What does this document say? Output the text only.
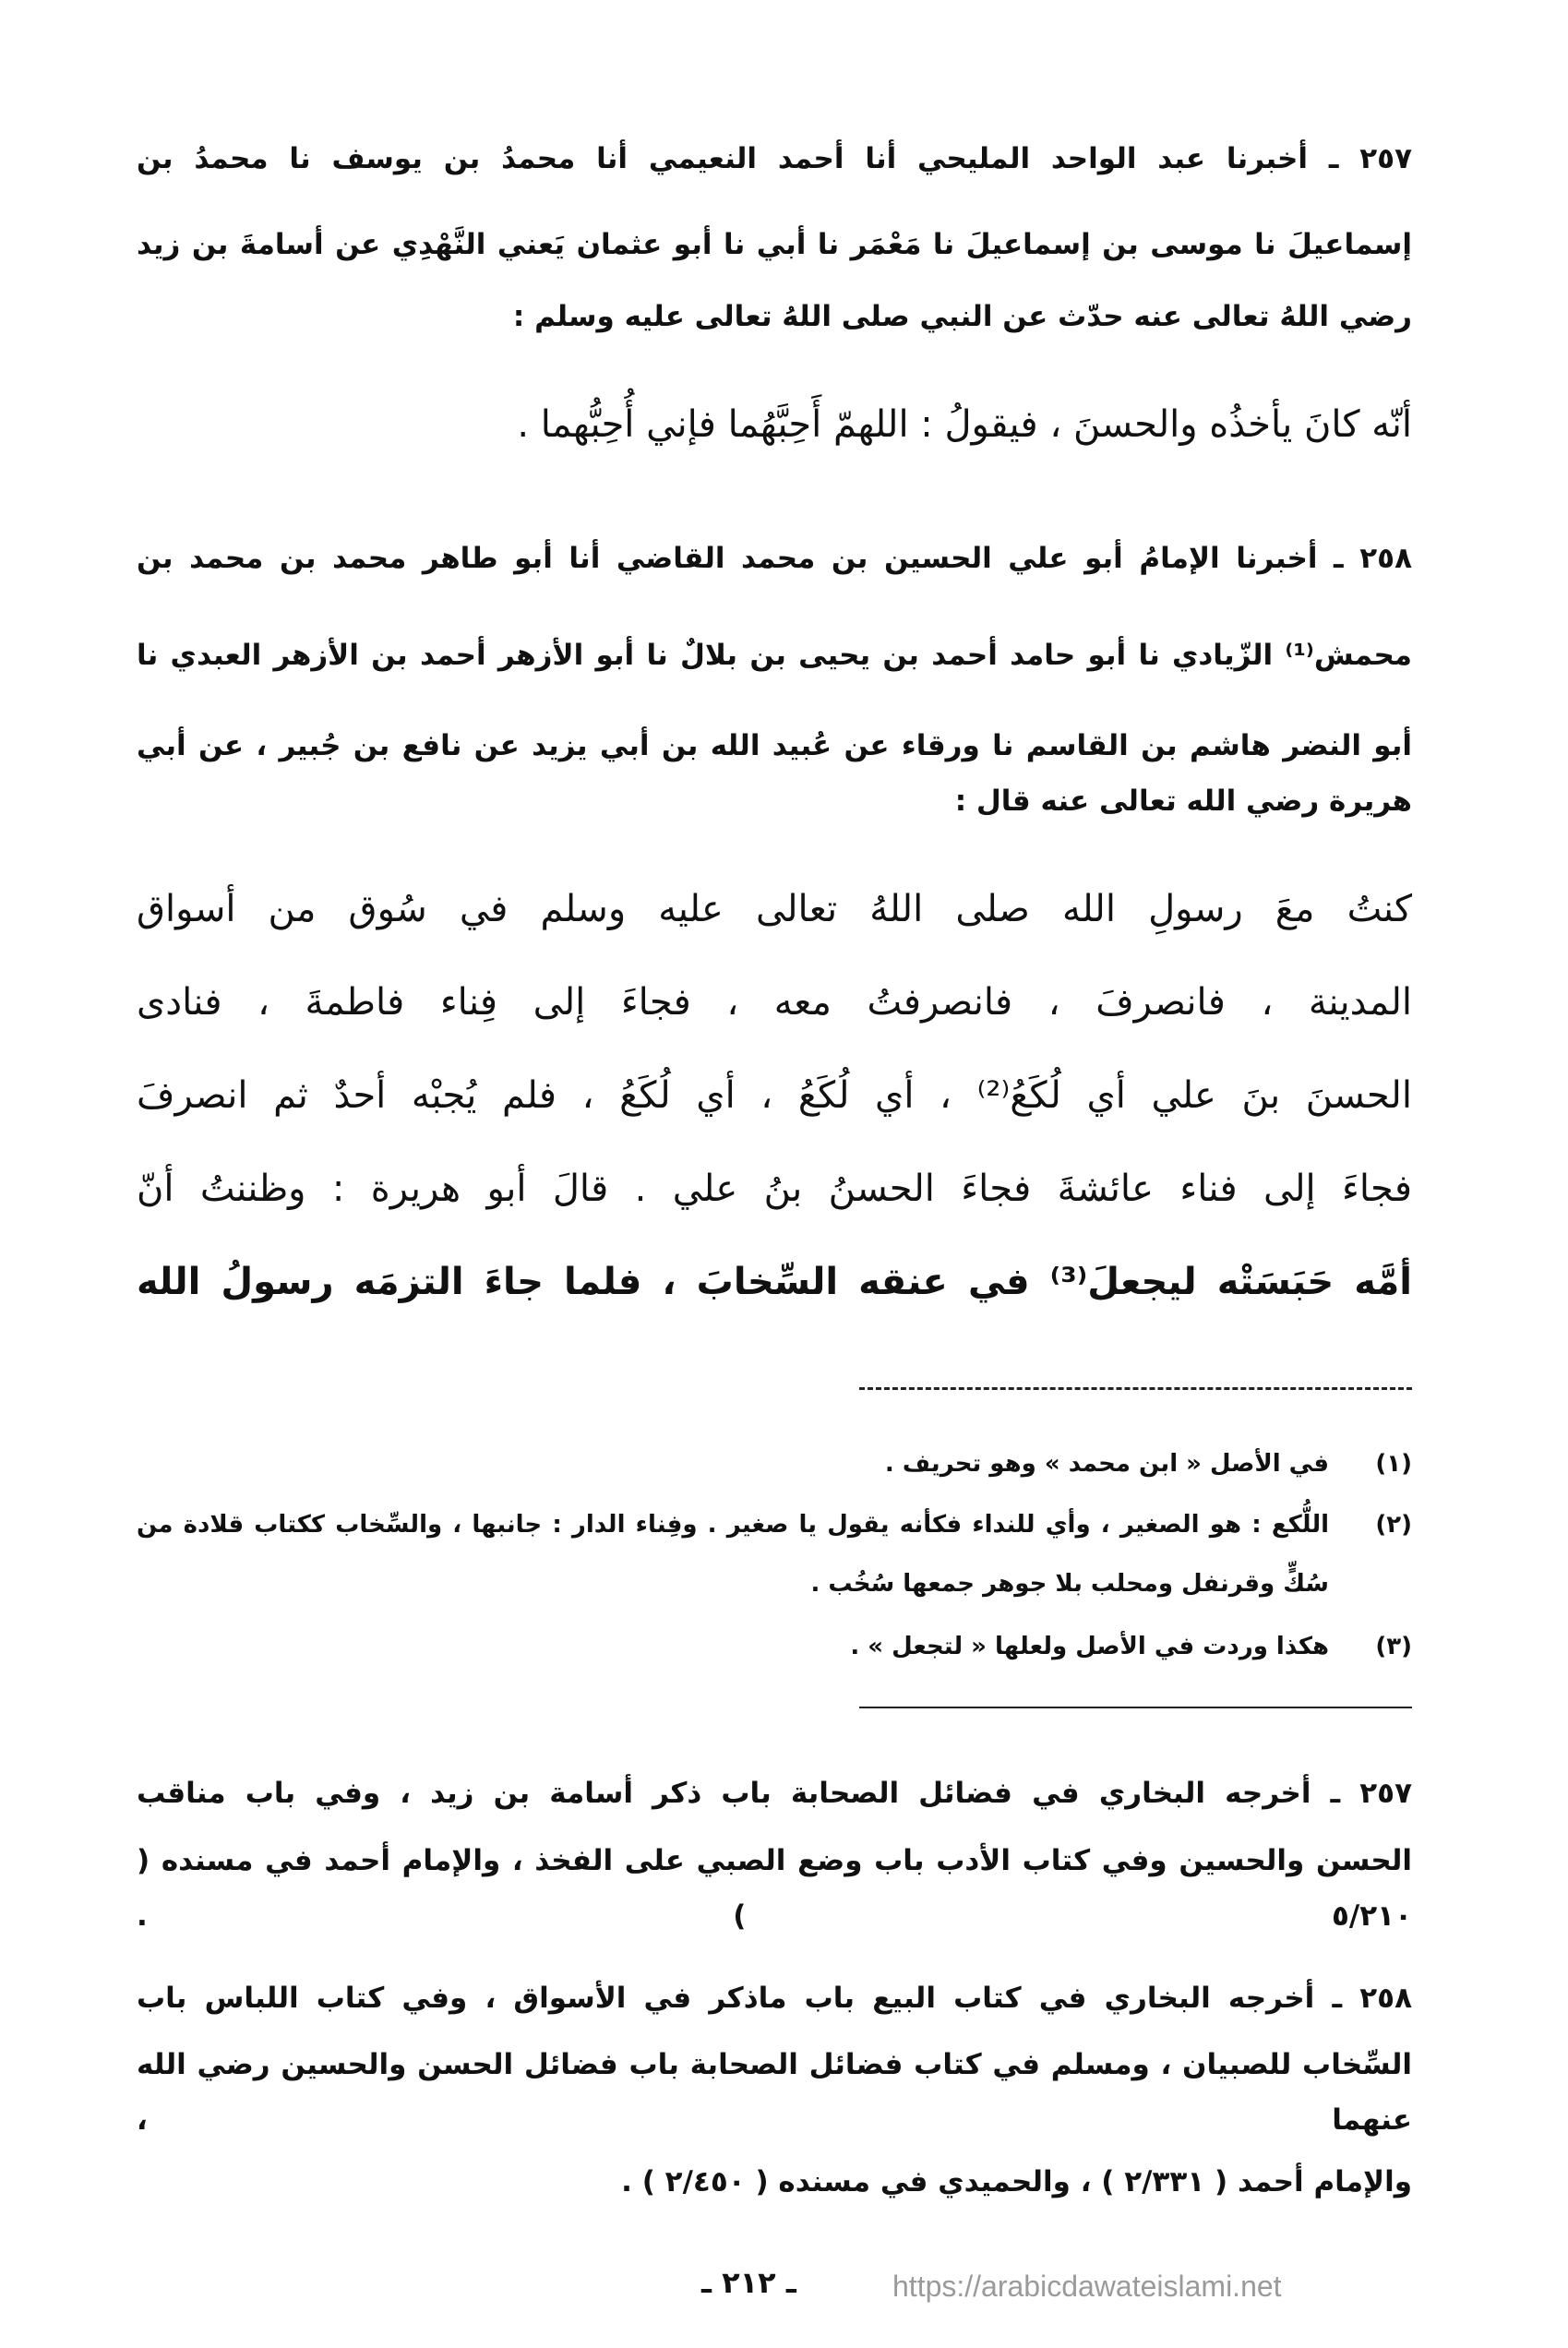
٢٥٧ ـ أخبرنا عبد الواحد المليحي أنا أحمد النعيمي أنا محمدُ بن يوسف نا محمدُ بن
إسماعيلَ نا موسى بن إسماعيلَ نا مَعْمَر نا أبي نا أبو عثمان يَعني النَّهْدِي عن أسامةَ بن زيد
رضي اللهُ تعالى عنه حدّث عن النبي صلى اللهُ تعالى عليه وسلم :
أنّه كانَ يأخذُه والحسنَ ، فيقولُ : اللهمّ أَحِبَّهُما فإني أُحِبُّهما .
٢٥٨ ـ أخبرنا الإمامُ أبو علي الحسين بن محمد القاضي أنا أبو طاهر محمد بن محمد بن
محمش⁽¹⁾ الزّيادي نا أبو حامد أحمد بن يحيى بن بلالٌ نا أبو الأزهر أحمد بن الأزهر العبدي نا
أبو النضر هاشم بن القاسم نا ورقاء عن عُبيد الله بن أبي يزيد عن نافع بن جُبير ، عن أبي
هريرة رضي الله تعالى عنه قال :
كنتُ معَ رسولِ الله صلى اللهُ تعالى عليه وسلم في سُوق من أسواق
المدينة ، فانصرفَ ، فانصرفتُ معه ، فجاءَ إلى فِناء فاطمةَ ، فنادى
الحسنَ بنَ علي أي لُكَعُ⁽²⁾ ، أي لُكَعُ ، أي لُكَعُ ، فلم يُجبْه أحدٌ ثم انصرفَ
فجاءَ إلى فناء عائشةَ فجاءَ الحسنُ بنُ علي . قالَ أبو هريرة : وظننتُ أنّ
أمَّه حَبَسَتْه ليجعلَ⁽³⁾ في عنقه السِّخابَ ، فلما جاءَ التزمَه رسولُ الله
(١)
في الأصل « ابن محمد » وهو تحريف .
(٢)
اللُّكع : هو الصغير ، وأي للنداء فكأنه يقول يا صغير . وفِناء الدار : جانبها ، والسِّخاب ككتاب قلادة من
سُكٍّ وقرنفل ومحلب بلا جوهر جمعها سُخُب .
(٣)
هكذا وردت في الأصل ولعلها « لتجعل » .
٢٥٧ ـ أخرجه البخاري في فضائل الصحابة باب ذكر أسامة بن زيد ، وفي باب مناقب
الحسن والحسين وفي كتاب الأدب باب وضع الصبي على الفخذ ، والإمام أحمد في مسنده ( ٥/٢١٠ ) .
٢٥٨ ـ أخرجه البخاري في كتاب البيع باب ماذكر في الأسواق ، وفي كتاب اللباس باب
السِّخاب للصبيان ، ومسلم في كتاب فضائل الصحابة باب فضائل الحسن والحسين رضي الله عنهما ،
والإمام أحمد ( ٢/٣٣١ ) ، والحميدي في مسنده ( ٢/٤٥٠ ) .
ـ ٢١٢ ـ	https://arabicdawateislami.net
